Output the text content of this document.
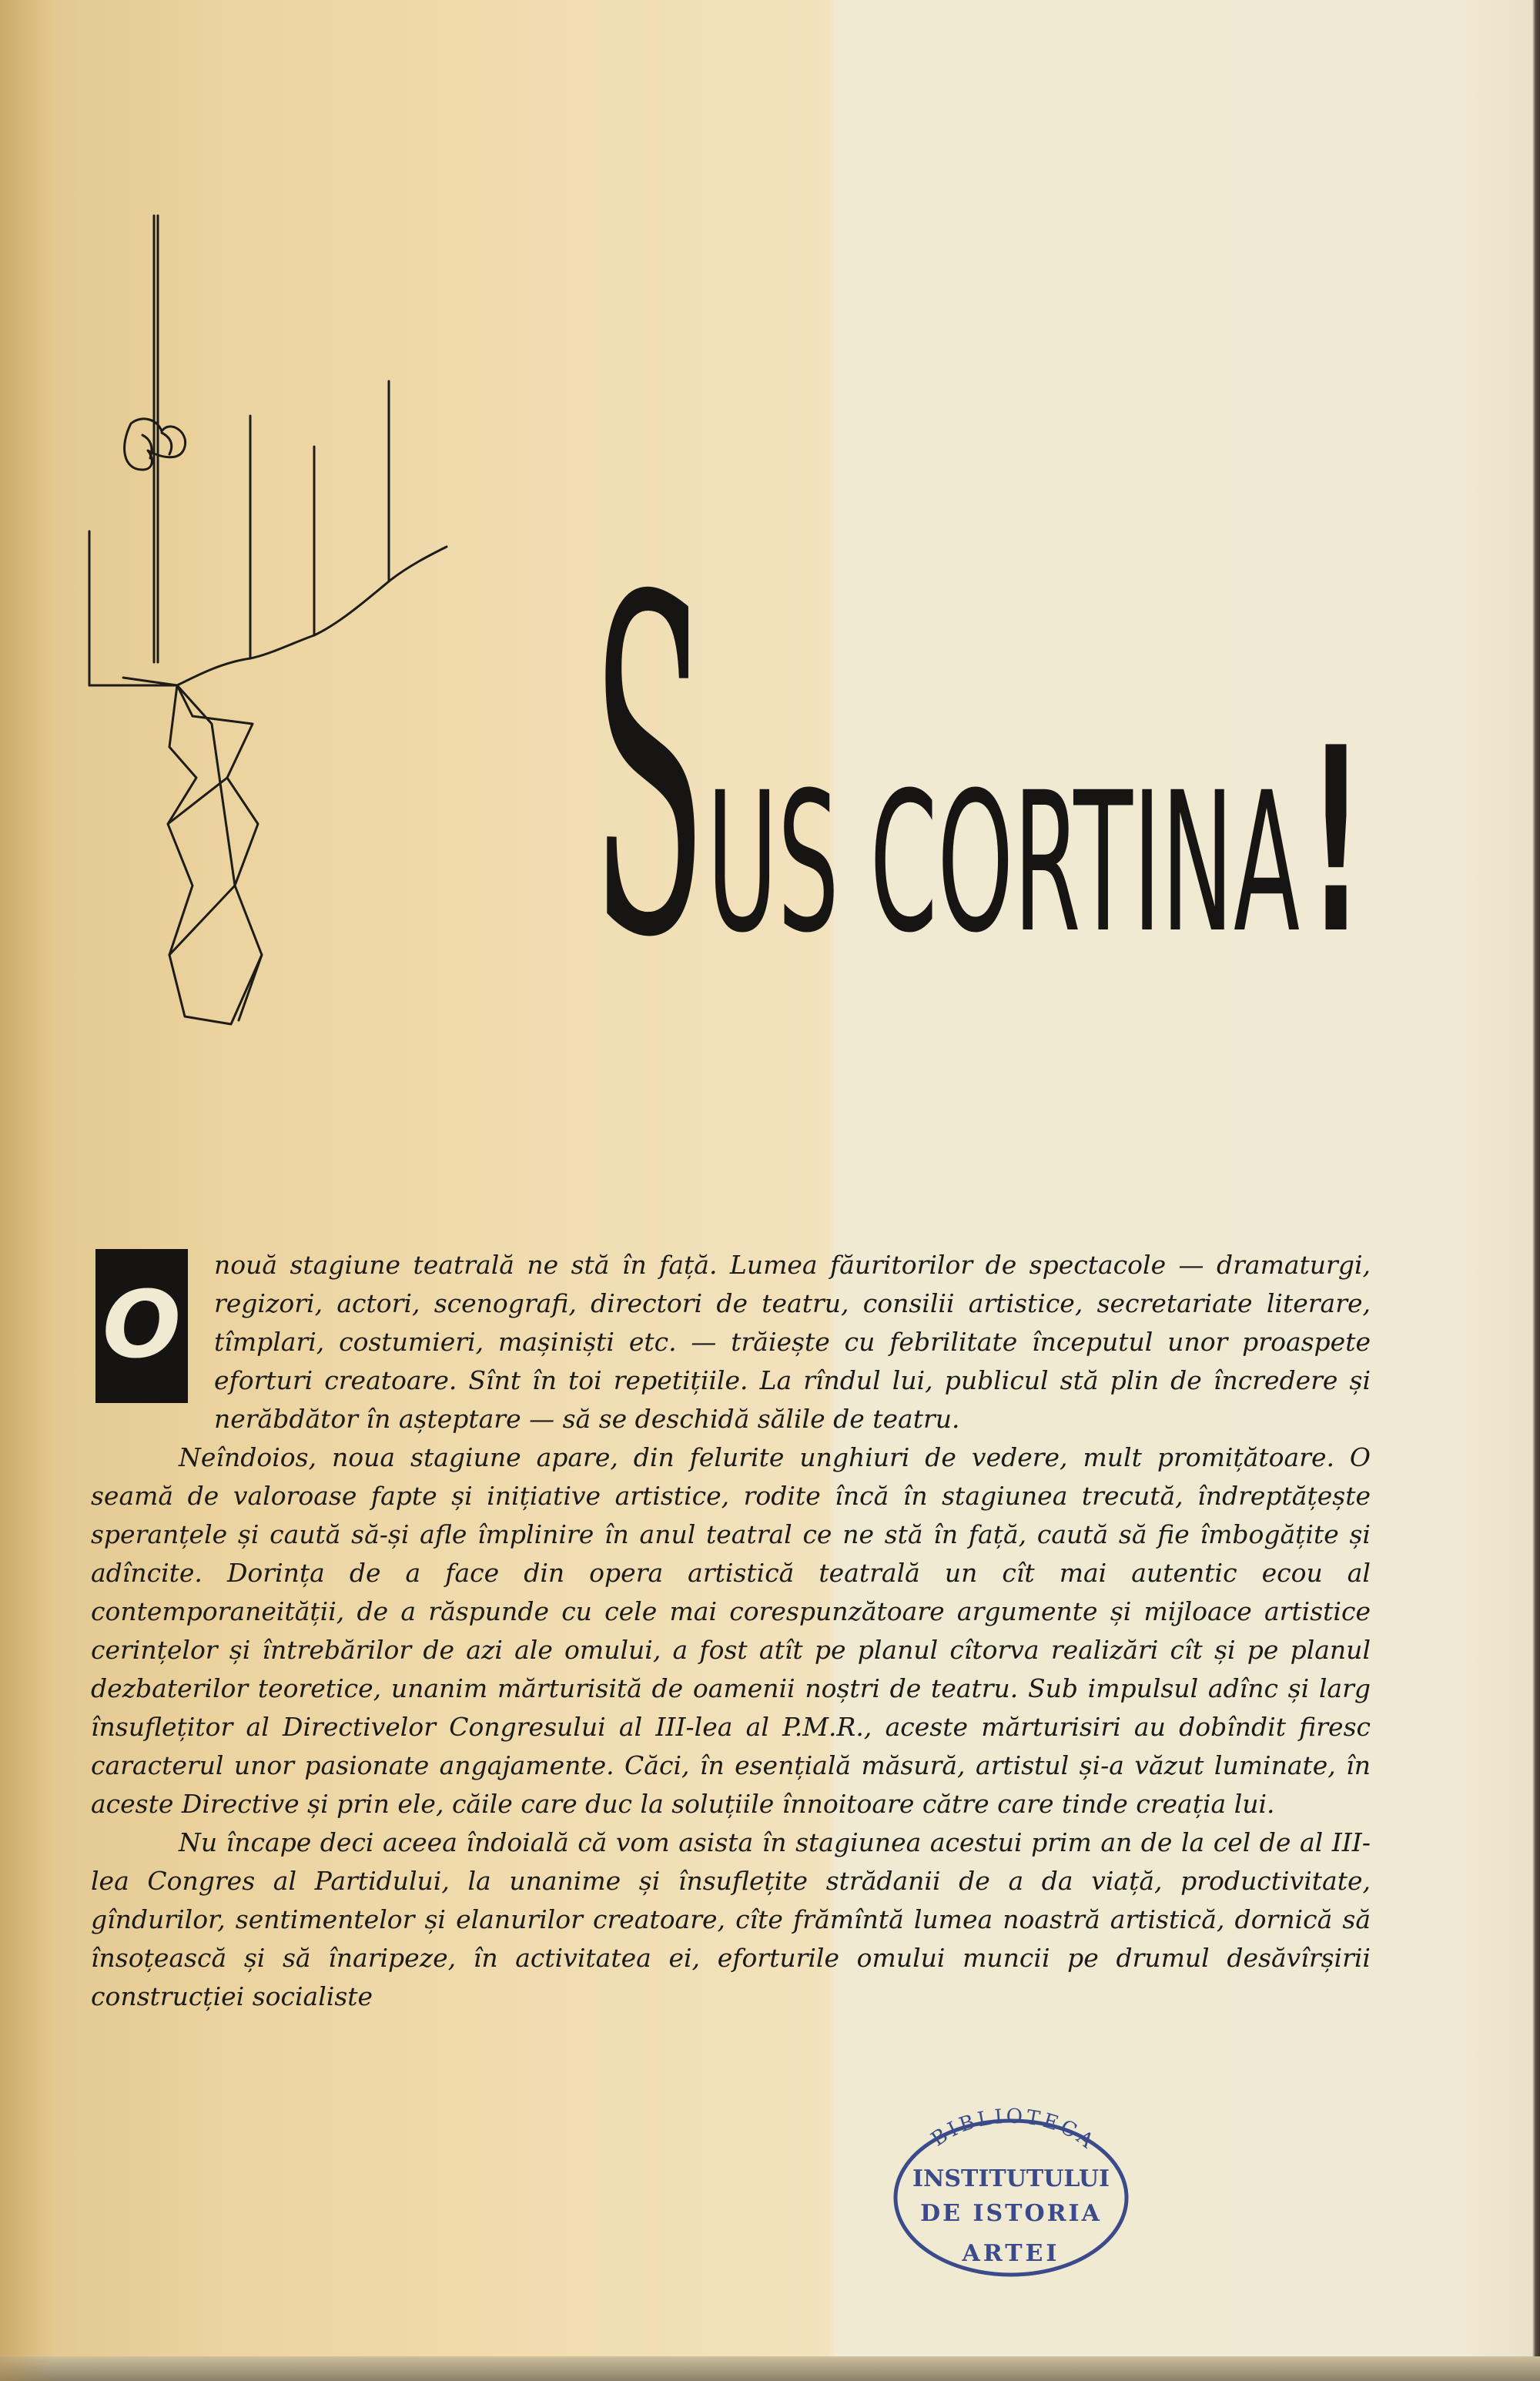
S US CORTINA !
O

nouă stagiune teatrală ne stă în față. Lumea făuritorilor de spectacole — dramaturgi, regizori, actori, scenografi, directori de teatru, consilii artistice, secretariate literare, tîmplari, costumieri, mașiniști etc. — trăiește cu febrilitate începutul unor proaspete eforturi creatoare. Sînt în toi repetițiile. La rîndul lui, publicul stă plin de încredere și nerăbdător în așteptare — să se deschidă sălile de teatru.

Neîndoios, noua stagiune apare, din felurite unghiuri de vedere, mult promițătoare. O seamă de valoroase fapte și inițiative artistice, rodite încă în stagiunea trecută, îndreptățește speranțele și caută să-și afle împlinire în anul teatral ce ne stă în față, caută să fie îmbogățite și adîncite. Dorința de a face din opera artistică teatrală un cît mai autentic ecou al contemporaneității, de a răspunde cu cele mai corespunzătoare argumente și mijloace artistice cerințelor și întrebărilor de azi ale omului, a fost atît pe planul cîtorva realizări cît și pe planul dezbaterilor teoretice, unanim mărturisită de oamenii noștri de teatru. Sub impulsul adînc și larg însuflețitor al Directivelor Congresului al III-lea al P.M.R., aceste mărturisiri au dobîndit firesc caracterul unor pasionate angajamente. Căci, în esențială măsură, artistul și-a văzut luminate, în aceste Directive și prin ele, căile care duc la soluțiile înnoitoare către care tinde creația lui.

Nu încape deci aceea îndoială că vom asista în stagiunea acestui prim an de la cel de al III-lea Congres al Partidului, la unanime și însuflețite strădanii de a da viață, productivitate, gîndurilor, sentimentelor și elanurilor creatoare, cîte frămîntă lumea noastră artistică, dornică să însoțească și să înaripeze, în activitatea ei, eforturile omului muncii pe drumul desăvîrșirii construcției socialiste

BIBLIOTECA
INSTITUTULUI
DE ISTORIA
ARTEI
